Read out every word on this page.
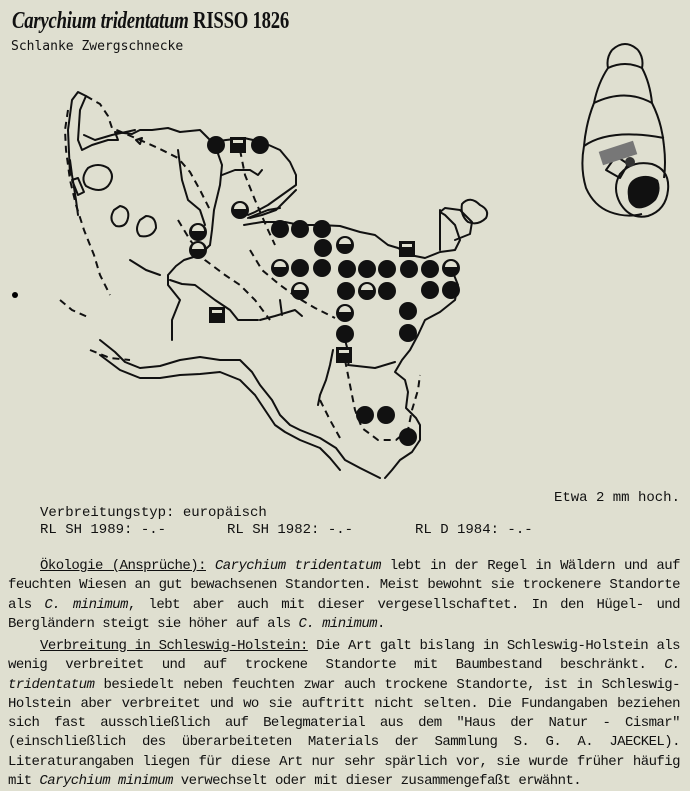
Carychium tridentatum RISSO 1826
Schlanke Zwergschnecke
Etwa 2 mm hoch.
Verbreitungstyp: europäisch
RL SH 1989: -.-	RL SH 1982: -.-	RL D 1984: -.-
Ökologie (Ansprüche): Carychium tridentatum lebt in der Regel in Wäldern und auf feuchten Wiesen an gut bewachsenen Standorten. Meist bewohnt sie trockenere Standorte als C. minimum, lebt aber auch mit dieser vergesellschaftet. In den Hügel- und Bergländern steigt sie höher auf als C. minimum.
Verbreitung in Schleswig-Holstein: Die Art galt bislang in Schleswig-Holstein als wenig verbreitet und auf trockene Standorte mit Baumbestand beschränkt. C. tridentatum besiedelt neben feuchten zwar auch trockene Standorte, ist in Schleswig-Holstein aber verbreitet und wo sie auftritt nicht selten. Die Fundangaben beziehen sich fast ausschließlich auf Belegmaterial aus dem "Haus der Natur - Cismar" (einschließlich des überarbeiteten Materials der Sammlung S. G. A. JAECKEL). Literaturangaben liegen für diese Art nur sehr spärlich vor, sie wurde früher häufig mit Carychium minimum verwechselt oder mit dieser zusammengefaßt erwähnt.
